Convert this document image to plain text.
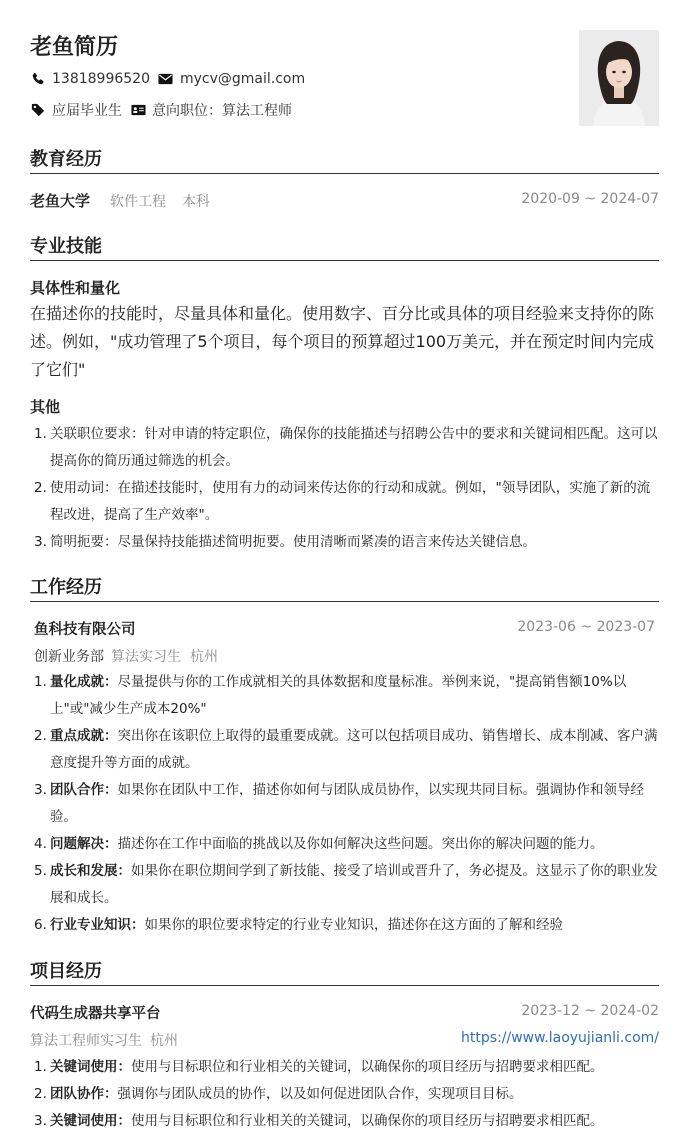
老鱼简历
13818996520 mycv@gmail.com
应届毕业生 意向职位：算法工程师
教育经历
老鱼大学 软件工程 本科	2020-09 ~ 2024-07
专业技能
具体性和量化
在描述你的技能时，尽量具体和量化。使用数字、百分比或具体的项目经验来支持你的陈述。例如，"成功管理了5个项目，每个项目的预算超过100万美元，并在预定时间内完成了它们"
其他
1. 关联职位要求：针对申请的特定职位，确保你的技能描述与招聘公告中的要求和关键词相匹配。这可以提高你的简历通过筛选的机会。
2. 使用动词：在描述技能时，使用有力的动词来传达你的行动和成就。例如，"领导团队，实施了新的流程改进，提高了生产效率"。
3. 简明扼要：尽量保持技能描述简明扼要。使用清晰而紧凑的语言来传达关键信息。
工作经历
鱼科技有限公司	2023-06 ~ 2023-07
创新业务部 算法实习生 杭州
1. 量化成就：尽量提供与你的工作成就相关的具体数据和度量标准。举例来说，"提高销售额10%以上"或"减少生产成本20%"
2. 重点成就：突出你在该职位上取得的最重要成就。这可以包括项目成功、销售增长、成本削减、客户满意度提升等方面的成就。
3. 团队合作：如果你在团队中工作，描述你如何与团队成员协作，以实现共同目标。强调协作和领导经验。
4. 问题解决：描述你在工作中面临的挑战以及你如何解决这些问题。突出你的解决问题的能力。
5. 成长和发展：如果你在职位期间学到了新技能、接受了培训或晋升了，务必提及。这显示了你的职业发展和成长。
6. 行业专业知识：如果你的职位要求特定的行业专业知识，描述你在这方面的了解和经验
项目经历
代码生成器共享平台	2023-12 ~ 2024-02
算法工程师实习生 杭州	https://www.laoyujianli.com/
1. 关键词使用：使用与目标职位和行业相关的关键词，以确保你的项目经历与招聘要求相匹配。
2. 团队协作：强调你与团队成员的协作，以及如何促进团队合作，实现项目目标。
3. 关键词使用：使用与目标职位和行业相关的关键词，以确保你的项目经历与招聘要求相匹配。
